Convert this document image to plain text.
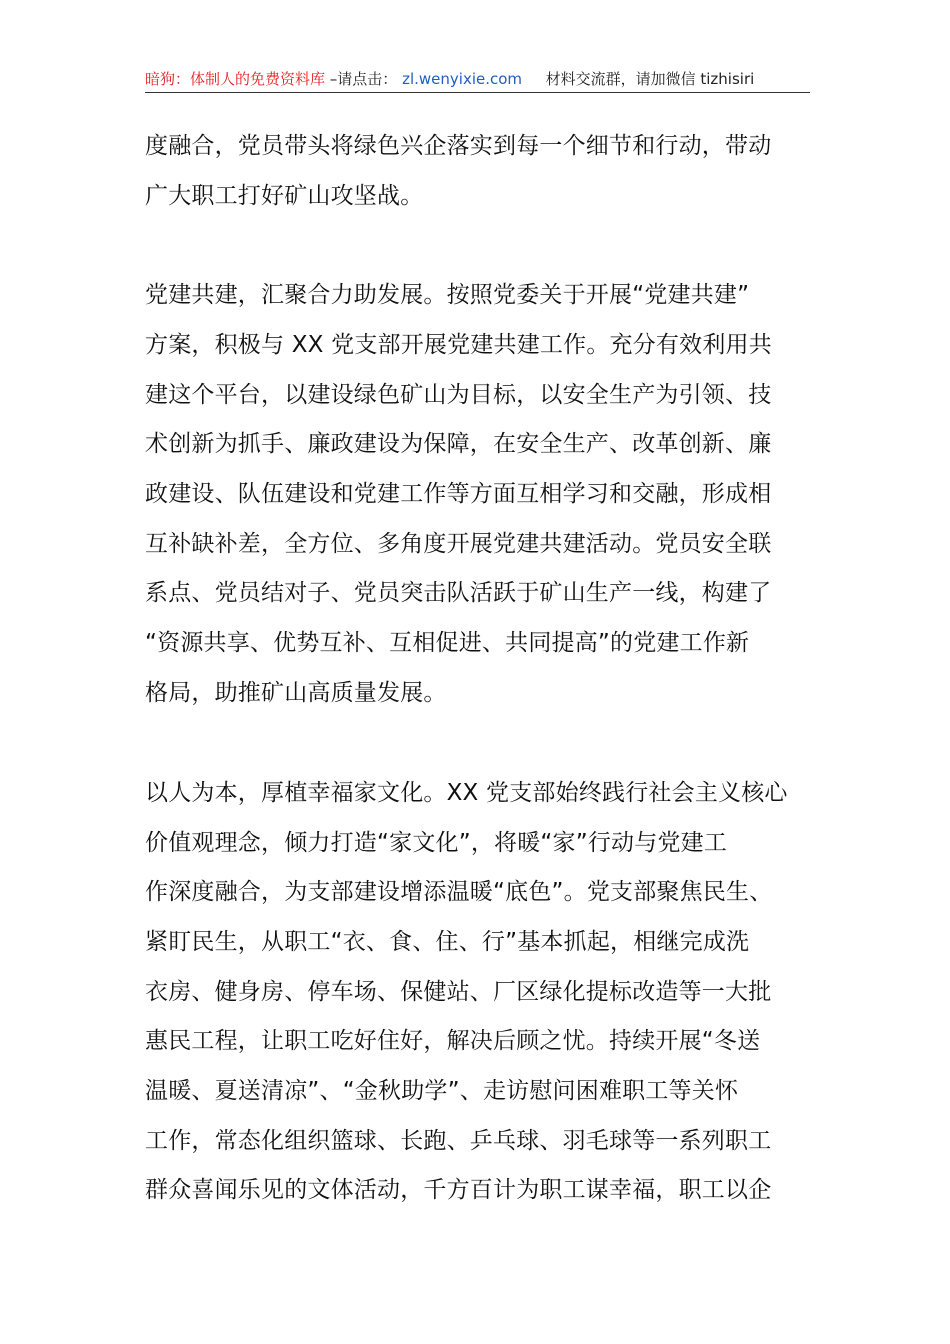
暗狗：体制人的免费资料库 –请点击： zl.wenyixie.com 材料交流群，请加微信 tizhisiri
度融合，党员带头将绿色兴企落实到每一个细节和行动，带动
广大职工打好矿山攻坚战。
党建共建，汇聚合力助发展。按照党委关于开展“党建共建”
方案，积极与 XX 党支部开展党建共建工作。充分有效利用共
建这个平台，以建设绿色矿山为目标，以安全生产为引领、技
术创新为抓手、廉政建设为保障，在安全生产、改革创新、廉
政建设、队伍建设和党建工作等方面互相学习和交融，形成相
互补缺补差，全方位、多角度开展党建共建活动。党员安全联
系点、党员结对子、党员突击队活跃于矿山生产一线，构建了
“资源共享、优势互补、互相促进、共同提高”的党建工作新
格局，助推矿山高质量发展。
以人为本，厚植幸福家文化。XX 党支部始终践行社会主义核心
价值观理念，倾力打造“家文化”，将暖“家”行动与党建工
作深度融合，为支部建设增添温暖“底色”。党支部聚焦民生、
紧盯民生，从职工“衣、食、住、行”基本抓起，相继完成洗
衣房、健身房、停车场、保健站、厂区绿化提标改造等一大批
惠民工程，让职工吃好住好，解决后顾之忧。持续开展“冬送
温暖、夏送清凉”、“金秋助学”、走访慰问困难职工等关怀
工作，常态化组织篮球、长跑、乒乓球、羽毛球等一系列职工
群众喜闻乐见的文体活动，千方百计为职工谋幸福，职工以企
